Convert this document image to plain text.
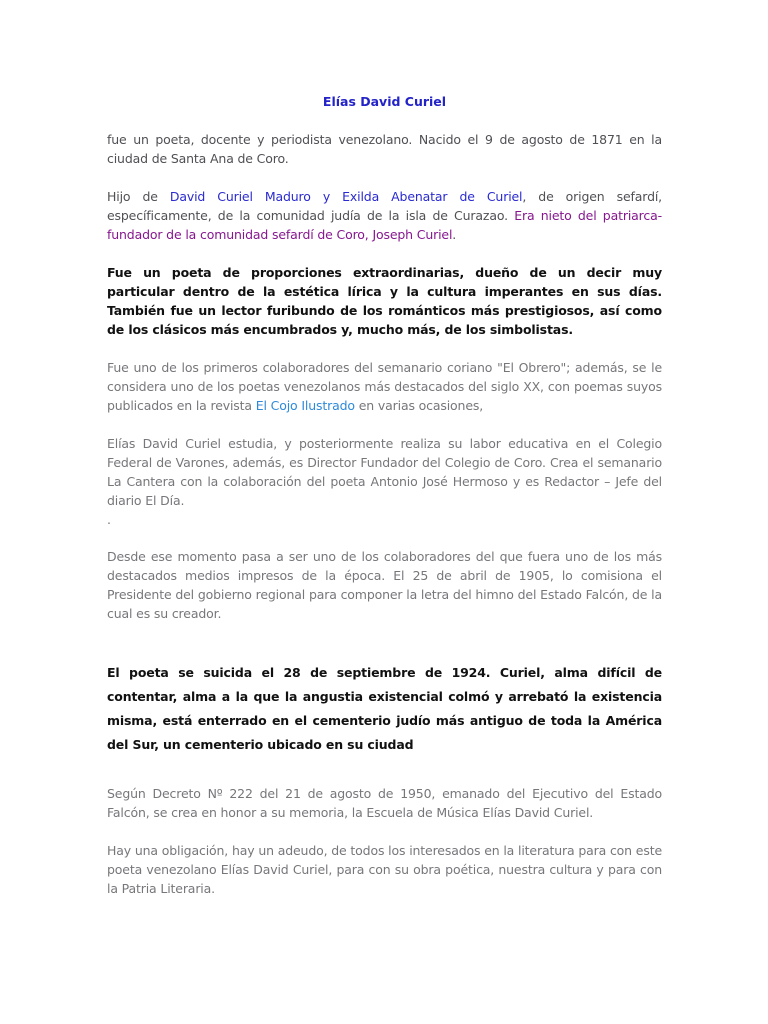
Elías David Curiel

fue un poeta, docente y periodista venezolano. Nacido el 9 de agosto de 1871 en la ciudad de Santa Ana de Coro.

Hijo de David Curiel Maduro y Exilda Abenatar de Curiel, de origen sefardí, específicamente, de la comunidad judía de la isla de Curazao. Era nieto del patriarca-fundador de la comunidad sefardí de Coro, Joseph Curiel.

Fue un poeta de proporciones extraordinarias, dueño de un decir muy particular dentro de la estética lírica y la cultura imperantes en sus días. También fue un lector furibundo de los románticos más prestigiosos, así como de los clásicos más encumbrados y, mucho más, de los simbolistas.

Fue uno de los primeros colaboradores del semanario coriano "El Obrero"; además, se le considera uno de los poetas venezolanos más destacados del siglo XX, con poemas suyos publicados en la revista El Cojo Ilustrado en varias ocasiones,

Elías David Curiel estudia, y posteriormente realiza su labor educativa en el Colegio Federal de Varones, además, es Director Fundador del Colegio de Coro. Crea el semanario La Cantera con la colaboración del poeta Antonio José Hermoso y es Redactor – Jefe del diario El Día.
.

Desde ese momento pasa a ser uno de los colaboradores del que fuera uno de los más destacados medios impresos de la época. El 25 de abril de 1905, lo comisiona el Presidente del gobierno regional para componer la letra del himno del Estado Falcón, de la cual es su creador.

El poeta se suicida el 28 de septiembre de 1924. Curiel, alma difícil de contentar, alma a la que la angustia existencial colmó y arrebató la existencia misma, está enterrado en el cementerio judío más antiguo de toda la América del Sur, un cementerio ubicado en su ciudad

Según Decreto Nº 222 del 21 de agosto de 1950, emanado del Ejecutivo del Estado Falcón, se crea en honor a su memoria, la Escuela de Música Elías David Curiel.

Hay una obligación, hay un adeudo, de todos los interesados en la literatura para con este poeta venezolano Elías David Curiel, para con su obra poética, nuestra cultura y para con la Patria Literaria.
